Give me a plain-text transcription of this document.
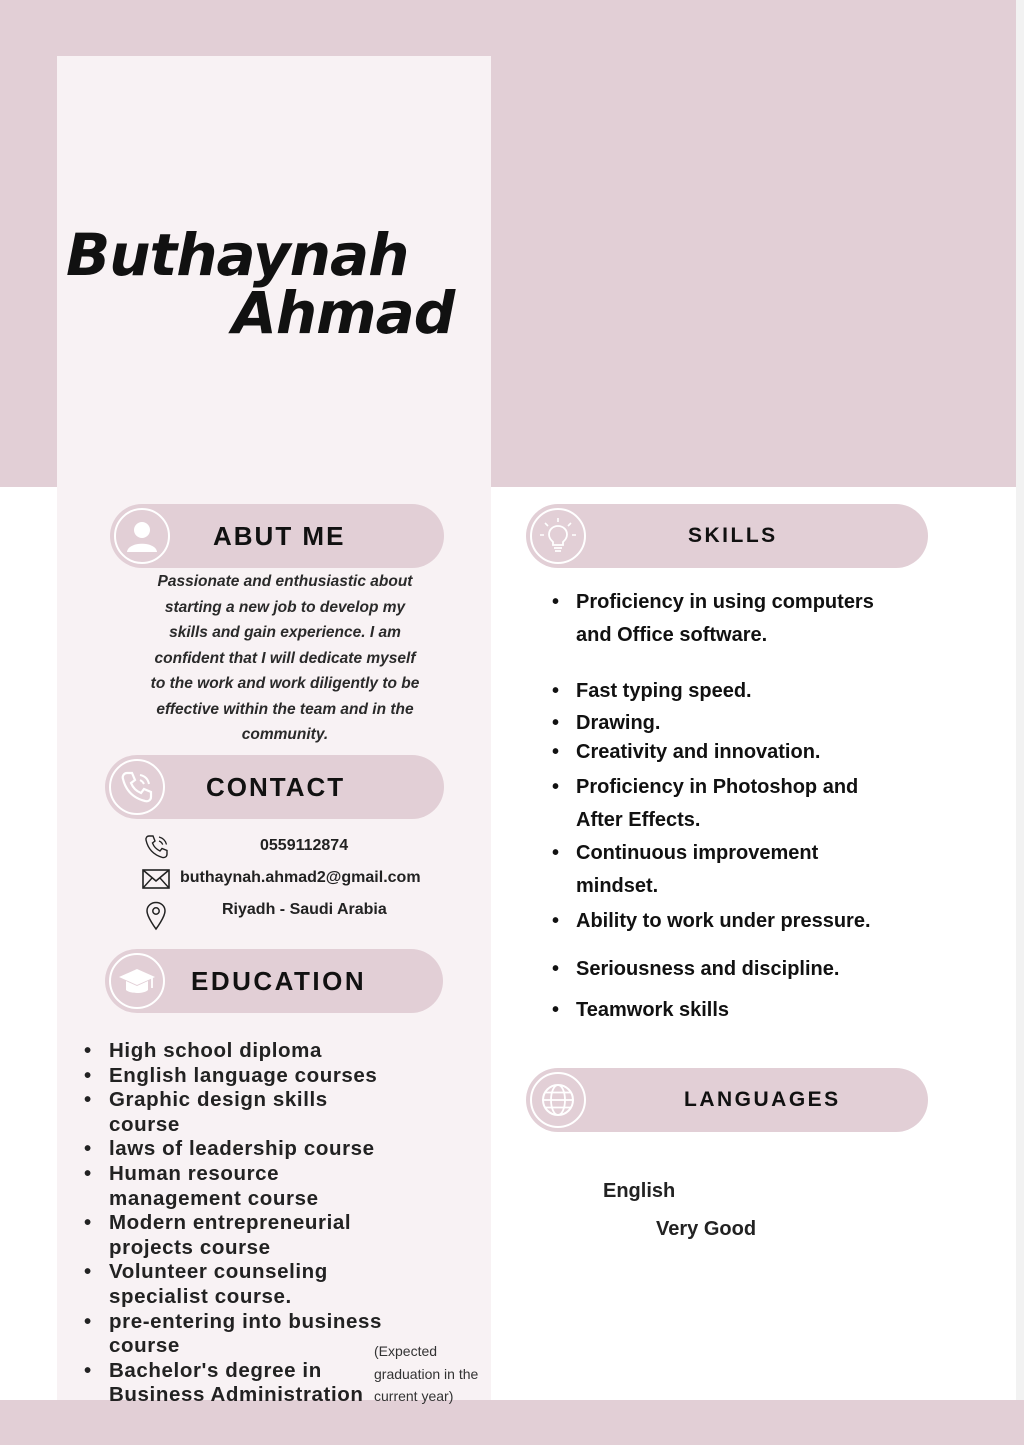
Buthaynah
Ahmad
ABUT ME
Passionate and enthusiastic about
starting a new job to develop my
skills and gain experience. I am
confident that I will dedicate myself
to the work and work diligently to be
effective within the team and in the
community.
CONTACT
0559112874
buthaynah.ahmad2@gmail.com
Riyadh - Saudi Arabia
EDUCATION
• High school diploma
• English language courses
• Graphic design skills course
• laws of leadership course
• Human resource management course
• Modern entrepreneurial projects course
• Volunteer counseling specialist course.
• pre-entering into business course
• Bachelor's degree in Business Administration
(Expected graduation in the current year)
SKILLS
• Proficiency in using computers and Office software.
• Fast typing speed.
• Drawing.
• Creativity and innovation.
• Proficiency in Photoshop and After Effects.
• Continuous improvement mindset.
• Ability to work under pressure.
• Seriousness and discipline.
• Teamwork skills
LANGUAGES
English
Very Good
